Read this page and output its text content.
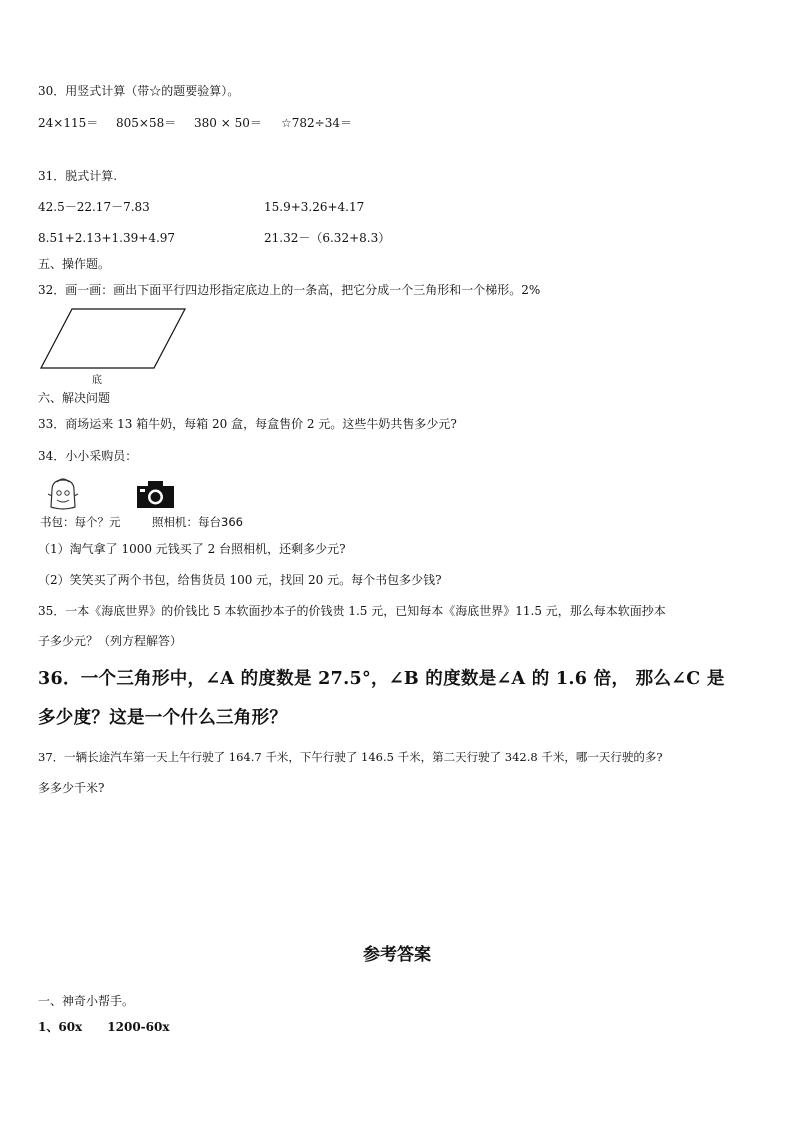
30．用竖式计算（带☆的题要验算）。
24×115＝ 805×58＝ 380 × 50＝ ☆782÷34＝
31．脱式计算.
42.5－22.17－7.83	15.9+3.26+4.17
8.51+2.13+1.39+4.97	21.32－（6.32+8.3）
五、操作题。
32．画一画：画出下面平行四边形指定底边上的一条高，把它分成一个三角形和一个梯形。2%
底
六、解决问题
33．商场运来 13 箱牛奶，每箱 20 盒，每盒售价 2 元。这些牛奶共售多少元?
34．小小采购员：
书包：每个？元	照相机：每台366
（1）淘气拿了 1000 元钱买了 2 台照相机，还剩多少元?
（2）笑笑买了两个书包，给售货员 100 元，找回 20 元。每个书包多少钱?
35．一本《海底世界》的价钱比 5 本软面抄本子的价钱贵 1.5 元，已知每本《海底世界》11.5 元，那么每本软面抄本
子多少元？（列方程解答）
36．一个三角形中，∠A 的度数是 27.5°，∠B 的度数是∠A 的 1.6 倍， 那么∠C 是
多少度？这是一个什么三角形？
37．一辆长途汽车第一天上午行驶了 164.7 千米，下午行驶了 146.5 千米，第二天行驶了 342.8 千米，哪一天行驶的多?
多多少千米?
参考答案
一、神奇小帮手。
1、60x      1200-60x
